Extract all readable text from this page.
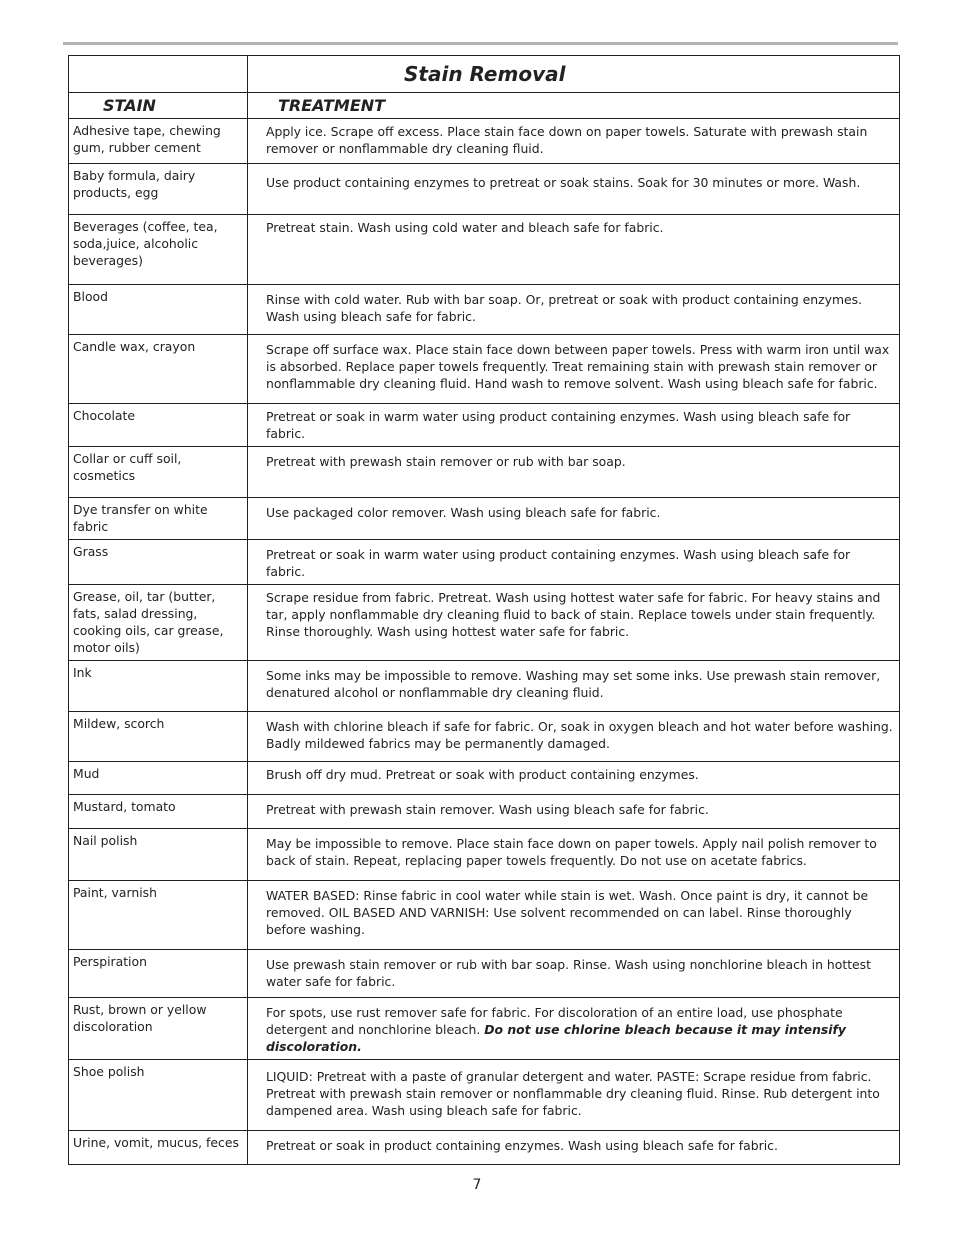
	Stain Removal
STAIN	TREATMENT
Adhesive tape, chewing gum, rubber cement	Apply ice. Scrape off excess. Place stain face down on paper towels. Saturate with prewash stain remover or nonflammable dry cleaning fluid.
Baby formula, dairy products, egg	Use product containing enzymes to pretreat or soak stains. Soak for 30 minutes or more. Wash.
Beverages (coffee, tea, soda,juice, alcoholic beverages)	Pretreat stain. Wash using cold water and bleach safe for fabric.
Blood	Rinse with cold water. Rub with bar soap. Or, pretreat or soak with product containing enzymes. Wash using bleach safe for fabric.
Candle wax, crayon	Scrape off surface wax. Place stain face down between paper towels. Press with warm iron until wax is absorbed. Replace paper towels frequently. Treat remaining stain with prewash stain remover or nonflammable dry cleaning fluid. Hand wash to remove solvent. Wash using bleach safe for fabric.
Chocolate	Pretreat or soak in warm water using product containing enzymes. Wash using bleach safe for fabric.
Collar or cuff soil, cosmetics	Pretreat with prewash stain remover or rub with bar soap.
Dye transfer on white fabric	Use packaged color remover. Wash using bleach safe for fabric.
Grass	Pretreat or soak in warm water using product containing enzymes. Wash using bleach safe for fabric.
Grease, oil, tar (butter, fats, salad dressing, cooking oils, car grease, motor oils)	Scrape residue from fabric. Pretreat. Wash using hottest water safe for fabric. For heavy stains and tar, apply nonflammable dry cleaning fluid to back of stain. Replace towels under stain frequently. Rinse thoroughly. Wash using hottest water safe for fabric.
Ink	Some inks may be impossible to remove. Washing may set some inks. Use prewash stain remover, denatured alcohol or nonflammable dry cleaning fluid.
Mildew, scorch	Wash with chlorine bleach if safe for fabric. Or, soak in oxygen bleach and hot water before washing. Badly mildewed fabrics may be permanently damaged.
Mud	Brush off dry mud. Pretreat or soak with product containing enzymes.
Mustard, tomato	Pretreat with prewash stain remover. Wash using bleach safe for fabric.
Nail polish	May be impossible to remove. Place stain face down on paper towels. Apply nail polish remover to back of stain. Repeat, replacing paper towels frequently. Do not use on acetate fabrics.
Paint, varnish	WATER BASED: Rinse fabric in cool water while stain is wet. Wash. Once paint is dry, it cannot be removed. OIL BASED AND VARNISH: Use solvent recommended on can label. Rinse thoroughly before washing.
Perspiration	Use prewash stain remover or rub with bar soap. Rinse. Wash using nonchlorine bleach in hottest water safe for fabric.
Rust, brown or yellow discoloration	For spots, use rust remover safe for fabric. For discoloration of an entire load, use phosphate detergent and nonchlorine bleach. Do not use chlorine bleach because it may intensify discoloration.
Shoe polish	LIQUID: Pretreat with a paste of granular detergent and water. PASTE: Scrape residue from fabric. Pretreat with prewash stain remover or nonflammable dry cleaning fluid. Rinse. Rub detergent into dampened area. Wash using bleach safe for fabric.
Urine, vomit, mucus, feces	Pretreat or soak in product containing enzymes. Wash using bleach safe for fabric.
7
